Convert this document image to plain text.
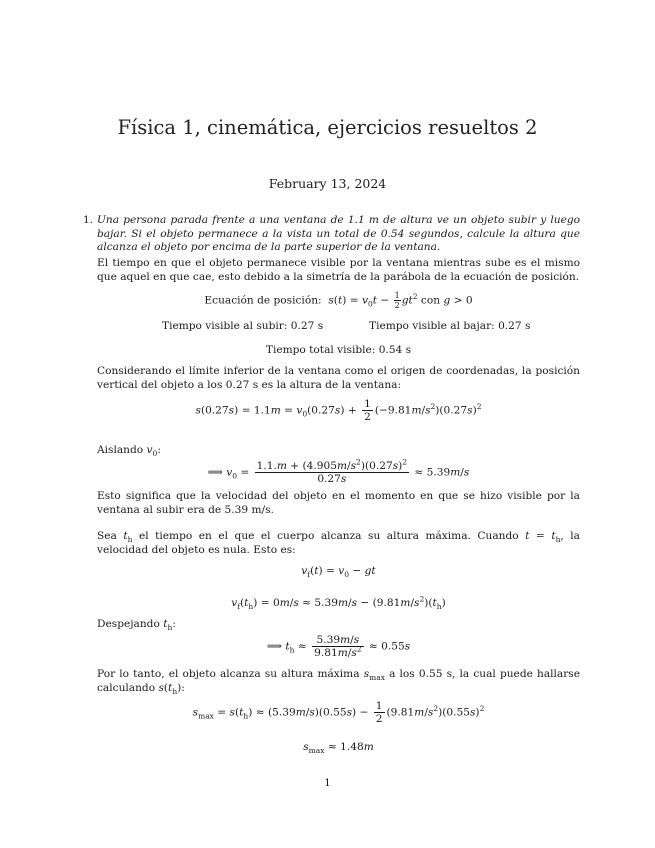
Física 1, cinemática, ejercicios resueltos 2
February 13, 2024
1. Una persona parada frente a una ventana de 1.1 m de altura ve un objeto subir y luego bajar. Si el objeto permanece a la vista un total de 0.54 segundos, calcule la altura que alcanza el objeto por encima de la parte superior de la ventana.
El tiempo en que el objeto permanece visible por la ventana mientras sube es el mismo que aquel en que cae, esto debido a la simetría de la parábola de la ecuación de posición.
Ecuación de posición: $s(t) = v_0t - \frac{1}{2} gt^2$ con g > 0
Tiempo visible al subir: 0.27 s	Tiempo visible al bajar: 0.27 s
Tiempo total visible: 0.54 s
Considerando el límite inferior de la ventana como el origen de coordenadas, la posición vertical del objeto a los 0.27 s es la altura de la ventana:
$s(0.27s) = 1.1m = v_0(0.27s) + \frac{1}{2} (-9.81m/s^2)(0.27s)^2$
Aislando $v_0$:
⟹ $v_0 = \frac{1.1.m + (4.905m/s^2)(0.27s)^2}{0.27s} \approx 5.39m/s$
Esto significa que la velocidad del objeto en el momento en que se hizo visible por la ventana al subir era de 5.39 m/s.
Sea $t_h$ el tiempo en el que el cuerpo alcanza su altura máxima. Cuando $t = t_h$, la velocidad del objeto es nula. Esto es:
$v_f(t) = v_0$ − gt
$v_f(t_h) = 0m/s \approx 5.39m/s - (9.81m/s^2)(t_h)$
Despejando $t_h$:
⟹ $t_h \approx \frac{5.39m/s}{9.81m/s^2} \approx 0.55s$
Por lo tanto, el objeto alcanza su altura máxima $s_{max}$ a los 0.55 s, la cual puede hallarse calculando $s(t_h)$:
$s_{max} = s(t_h) \approx (5.39m/s)(0.55s) - \frac{1}{2} (9.81m/s^2)(0.55s)^2$
$s_{max} \approx 1.48m$
1
